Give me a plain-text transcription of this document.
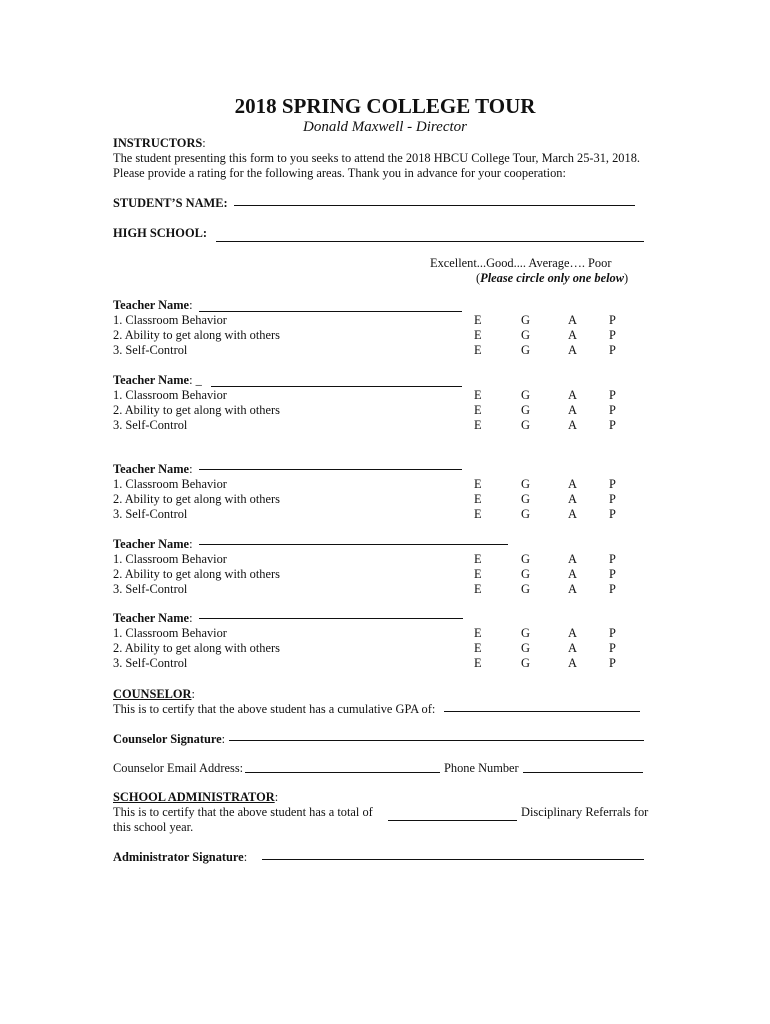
2018 SPRING COLLEGE TOUR
Donald Maxwell - Director
INSTRUCTORS:
The student presenting this form to you seeks to attend the 2018 HBCU College Tour, March 25-31, 2018.
Please provide a rating for the following areas. Thank you in advance for your cooperation:
STUDENT’S NAME:
HIGH SCHOOL:
Excellent...Good.... Average…. Poor
(Please circle only one below)
Teacher Name:
1. Classroom Behavior	E	G	A	P
2. Ability to get along with others	E	G	A	P
3. Self-Control	E	G	A	P
Teacher Name: _
1. Classroom Behavior	E	G	A	P
2. Ability to get along with others	E	G	A	P
3. Self-Control	E	G	A	P
Teacher Name:
1. Classroom Behavior	E	G	A	P
2. Ability to get along with others	E	G	A	P
3. Self-Control	E	G	A	P
Teacher Name:
1. Classroom Behavior	E	G	A	P
2. Ability to get along with others	E	G	A	P
3. Self-Control	E	G	A	P
Teacher Name:
1. Classroom Behavior	E	G	A	P
2. Ability to get along with others	E	G	A	P
3. Self-Control	E	G	A	P
COUNSELOR:
This is to certify that the above student has a cumulative GPA of:
Counselor Signature:
Counselor Email Address:	Phone Number
SCHOOL ADMINISTRATOR:
This is to certify that the above student has a total of	Disciplinary Referrals for
this school year.
Administrator Signature:
